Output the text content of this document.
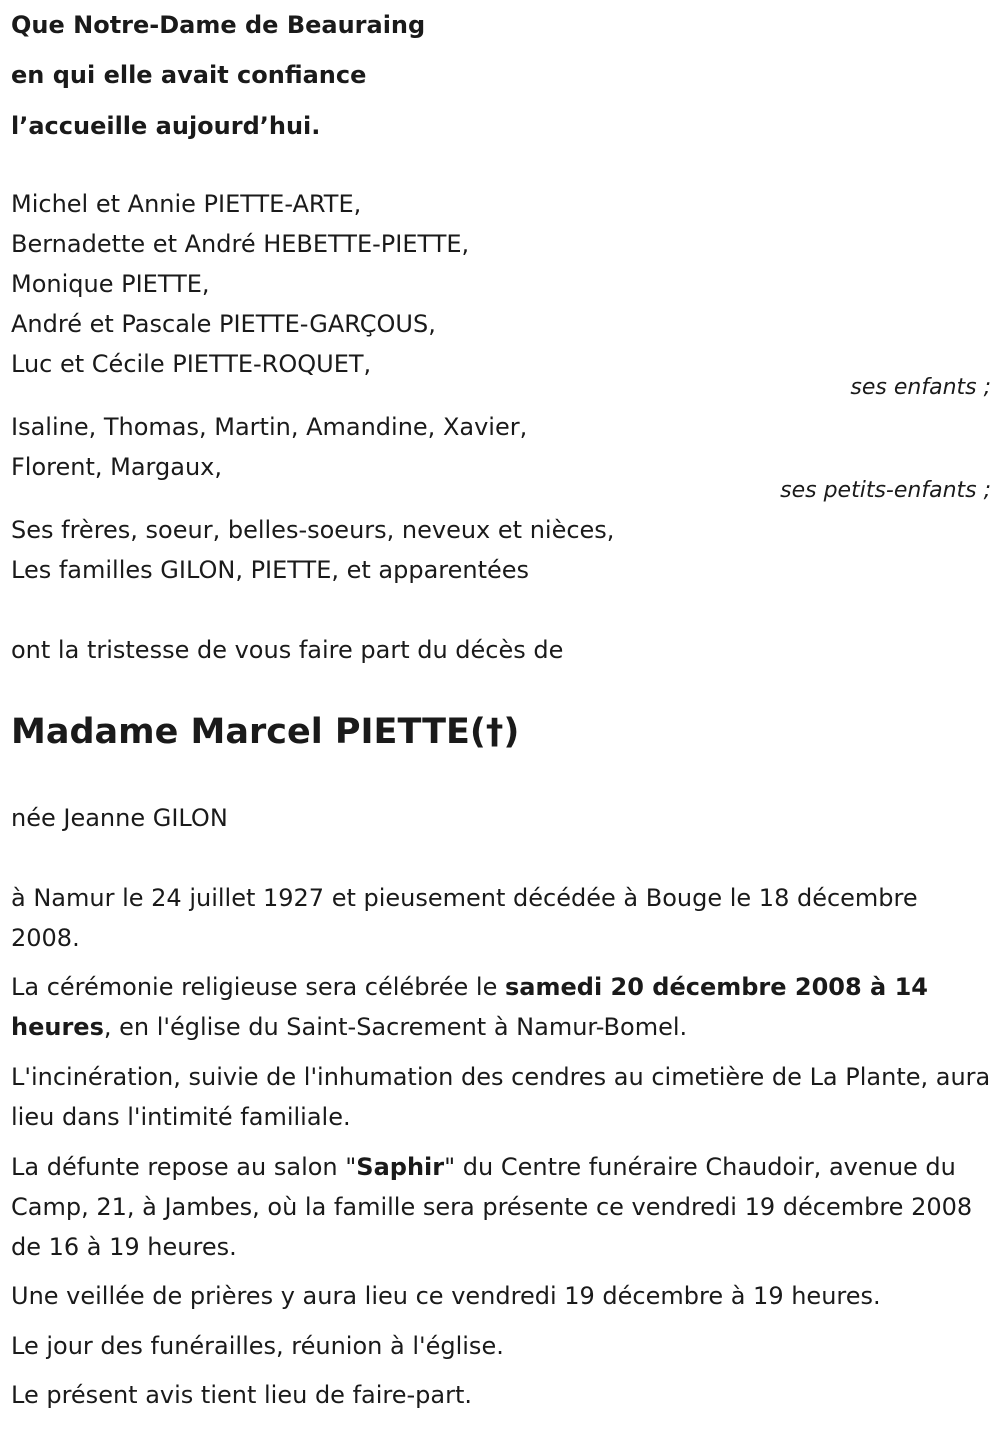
Que Notre-Dame de Beauraing
en qui elle avait confiance
l’accueille aujourd’hui.
Michel et Annie PIETTE-ARTE,
Bernadette et André HEBETTE-PIETTE,
Monique PIETTE,
André et Pascale PIETTE-GARÇOUS,
Luc et Cécile PIETTE-ROQUET,
ses enfants ;
Isaline, Thomas, Martin, Amandine, Xavier,
Florent, Margaux,
ses petits-enfants ;
Ses frères, soeur, belles-soeurs, neveux et nièces,
Les familles GILON, PIETTE, et apparentées
ont la tristesse de vous faire part du décès de
Madame Marcel PIETTE(†)
née Jeanne GILON
à Namur le 24 juillet 1927 et pieusement décédée à Bouge le 18 décembre 2008.
La cérémonie religieuse sera célébrée le samedi 20 décembre 2008 à 14 heures, en l'église du Saint-Sacrement à Namur-Bomel.
L'incinération, suivie de l'inhumation des cendres au cimetière de La Plante, aura lieu dans l'intimité familiale.
La défunte repose au salon "Saphir" du Centre funéraire Chaudoir, avenue du Camp, 21, à Jambes, où la famille sera présente ce vendredi 19 décembre 2008 de 16 à 19 heures.
Une veillée de prières y aura lieu ce vendredi 19 décembre à 19 heures.
Le jour des funérailles, réunion à l'église.
Le présent avis tient lieu de faire-part.
